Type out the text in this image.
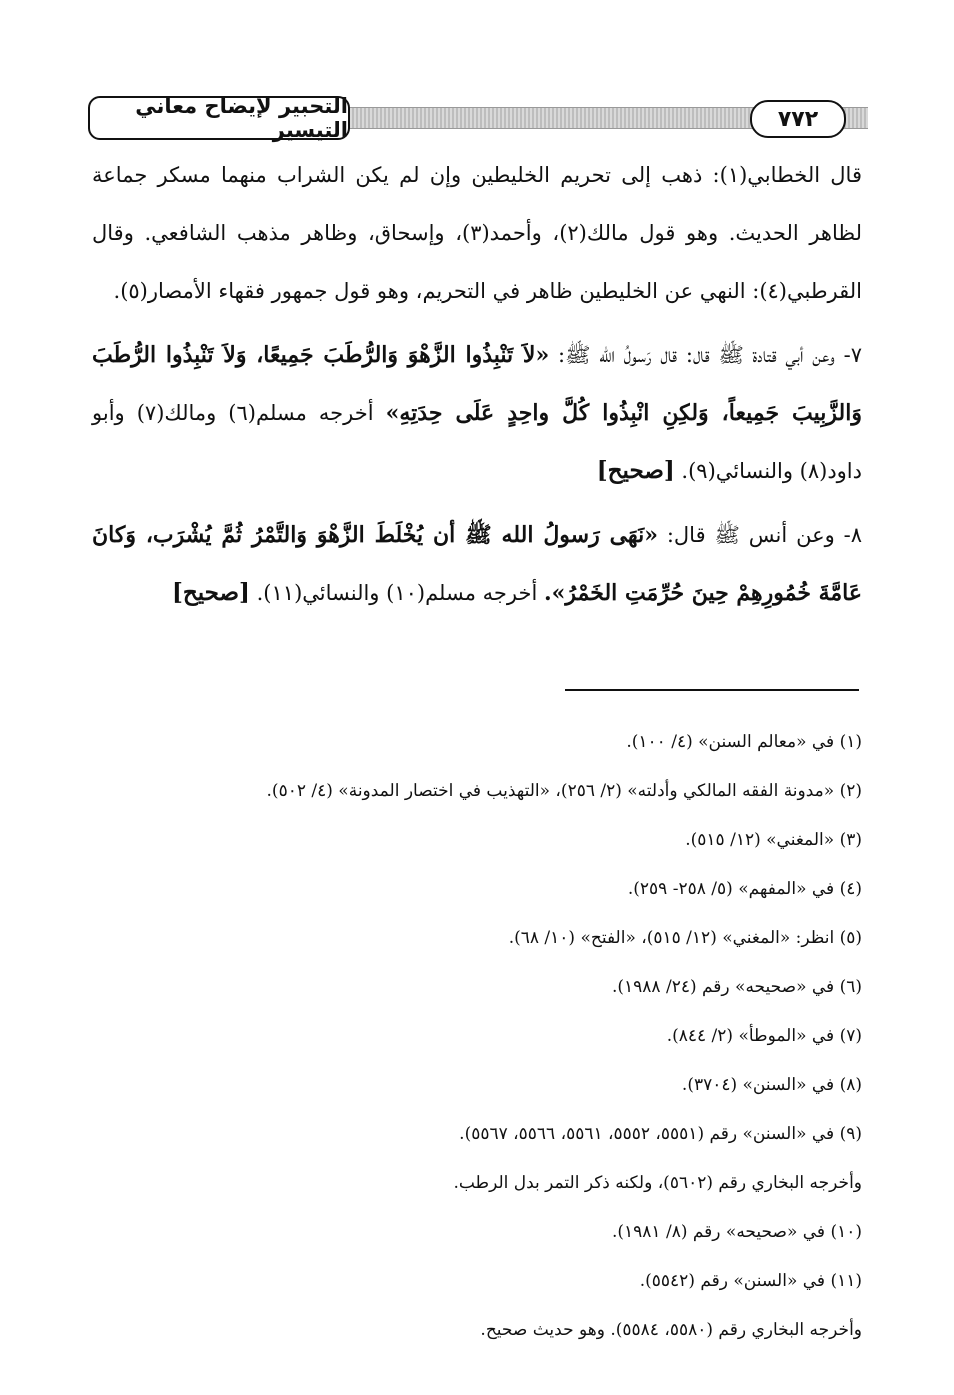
التحبير لإيضاح معاني التيسير	٧٧٢

قال الخطابي(١): ذهب إلى تحريم الخليطين وإن لم يكن الشراب منهما مسكر جماعة لظاهر الحديث. وهو قول مالك(٢)، وأحمد(٣)، وإسحاق، وظاهر مذهب الشافعي. وقال القرطبي(٤): النهي عن الخليطين ظاهر في التحريم، وهو قول جمهور فقهاء الأمصار(٥).

٧- وعن أبي قتادة ﷺ قال: قال رَسولُ الله ﷺ: «لاَ تَنْبِذُوا الزَّهْوَ وَالرُّطَبَ جَمِيعًا، وَلاَ تَنْبِذُوا الرُّطَبَ وَالزَّبِيبَ جَمِيعاً، وَلكِنِ انْبِذُوا كُلَّ واحِدٍ عَلَى حِدَتِهِ» أخرجه مسلم(٦) ومالك(٧) وأبو داود(٨) والنسائي(٩). [صحيح]

٨- وعن أنس ﷺ قال: «نَهَى رَسولُ الله ﷺ أن يُخْلَطَ الزَّهْوَ وَالتَّمْرُ ثُمَّ يُشْرَب، وَكانَ عَامَّةَ خُمُورِهِمْ حِينَ حُرِّمَتِ الخَمْرُ». أخرجه مسلم(١٠) والنسائي(١١). [صحيح]

(١) في «معالم السنن» (٤/ ١٠٠).
(٢) «مدونة الفقه المالكي وأدلته» (٢/ ٢٥٦)، «التهذيب في اختصار المدونة» (٤/ ٥٠٢).
(٣) «المغني» (١٢/ ٥١٥).
(٤) في «المفهم» (٥/ ٢٥٨- ٢٥٩).
(٥) انظر: «المغني» (١٢/ ٥١٥)، «الفتح» (١٠/ ٦٨).
(٦) في «صحيحه» رقم (٢٤/ ١٩٨٨).
(٧) في «الموطأ» (٢/ ٨٤٤).
(٨) في «السنن» (٣٧٠٤).
(٩) في «السنن» رقم (٥٥٥١، ٥٥٥٢، ٥٥٦١، ٥٥٦٦، ٥٥٦٧).
وأخرجه البخاري رقم (٥٦٠٢)، ولكنه ذكر التمر بدل الرطب.
(١٠) في «صحيحه» رقم (٨/ ١٩٨١).
(١١) في «السنن» رقم (٥٥٤٢).
وأخرجه البخاري رقم (٥٥٨٠، ٥٥٨٤). وهو حديث صحيح.
